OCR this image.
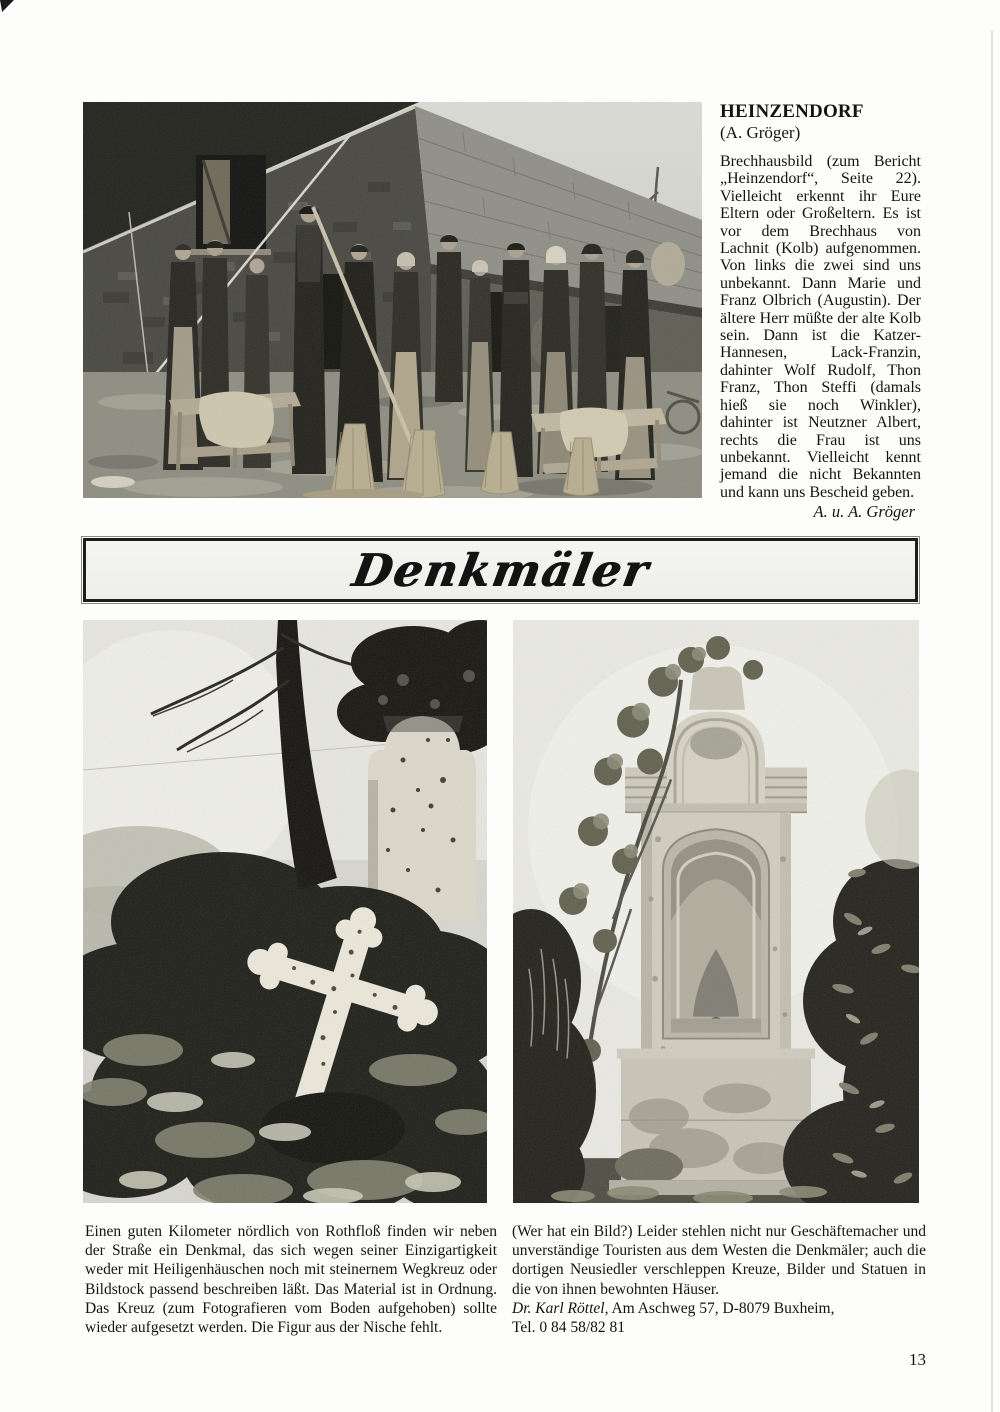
HEINZENDORF

(A. Gröger)

Brechhausbild (zum Bericht „Heinzendorf“, Seite 22). Vielleicht erkennt ihr Eure Eltern oder Großeltern. Es ist vor dem Brechhaus von Lachnit (Kolb) aufgenommen. Von links die zwei sind uns unbekannt. Dann Marie und Franz Olbrich (Augustin). Der ältere Herr müßte der alte Kolb sein. Dann ist die Katzer-Hannesen, Lack-Franzin, dahinter Wolf Rudolf, Thon Franz, Thon Steffi (damals hieß sie noch Winkler), dahinter ist Neutzner Albert, rechts die Frau ist uns unbekannt. Vielleicht kennt jemand die nicht Bekannten und kann uns Bescheid geben.
A. u. A. Gröger
Denkmäler
Einen guten Kilometer nördlich von Rothfloß finden wir neben der Straße ein Denkmal, das sich wegen seiner Einzigartigkeit weder mit Heiligenhäuschen noch mit steinernem Wegkreuz oder Bildstock passend beschreiben läßt. Das Material ist in Ordnung. Das Kreuz (zum Fotografieren vom Boden aufgehoben) sollte wieder aufgesetzt werden. Die Figur aus der Nische fehlt.

(Wer hat ein Bild?) Leider stehlen nicht nur Geschäftemacher und unverständige Touristen aus dem Westen die Denkmäler; auch die dortigen Neusiedler verschleppen Kreuze, Bilder und Statuen in die von ihnen bewohnten Häuser.

Dr. Karl Röttel, Am Aschweg 57, D-8079 Buxheim,

Tel. 0 84 58/82 81

13
